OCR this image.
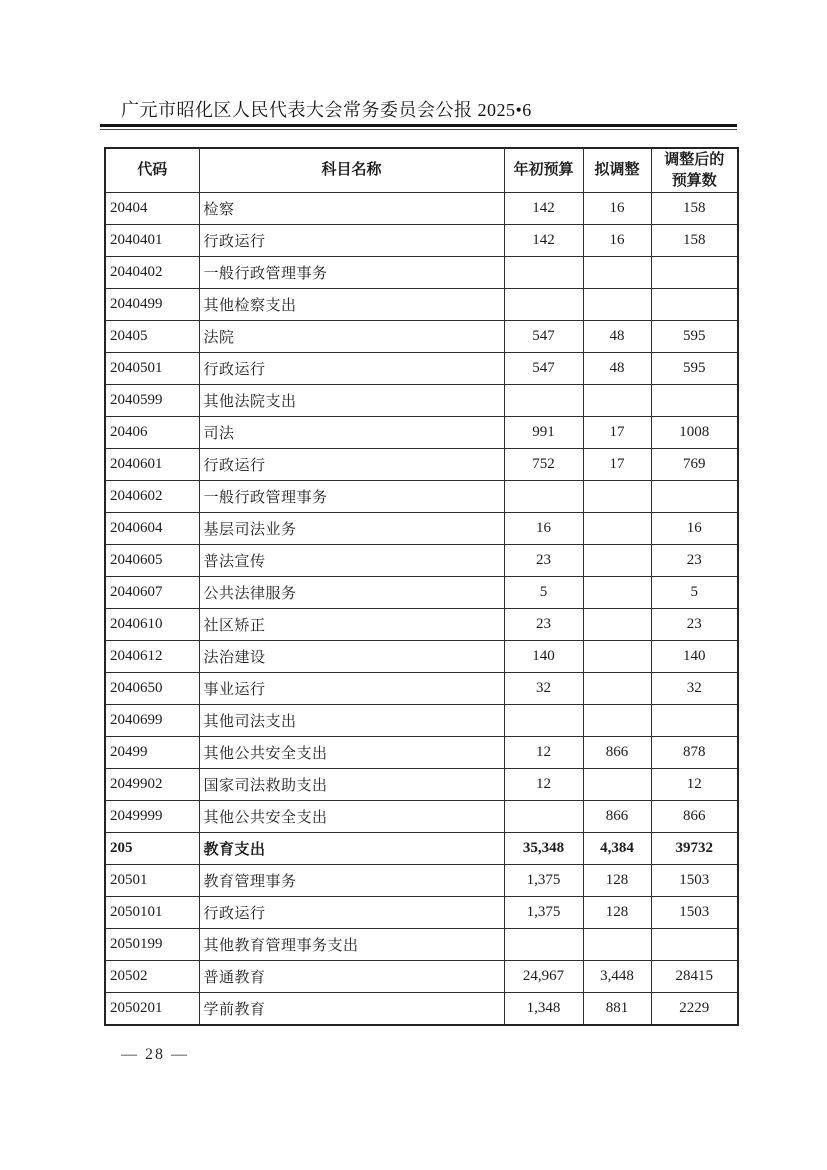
广元市昭化区人民代表大会常务委员会公报 2025•6
代码	科目名称	年初预算	拟调整	调整后的预算数
20404	检察	142	16	158
2040401	行政运行	142	16	158
2040402	一般行政管理事务			
2040499	其他检察支出			
20405	法院	547	48	595
2040501	行政运行	547	48	595
2040599	其他法院支出			
20406	司法	991	17	1008
2040601	行政运行	752	17	769
2040602	一般行政管理事务			
2040604	基层司法业务	16		16
2040605	普法宣传	23		23
2040607	公共法律服务	5		5
2040610	社区矫正	23		23
2040612	法治建设	140		140
2040650	事业运行	32		32
2040699	其他司法支出			
20499	其他公共安全支出	12	866	878
2049902	国家司法救助支出	12		12
2049999	其他公共安全支出		866	866
205	教育支出	35,348	4,384	39732
20501	教育管理事务	1,375	128	1503
2050101	行政运行	1,375	128	1503
2050199	其他教育管理事务支出			
20502	普通教育	24,967	3,448	28415
2050201	学前教育	1,348	881	2229
— 28 —
